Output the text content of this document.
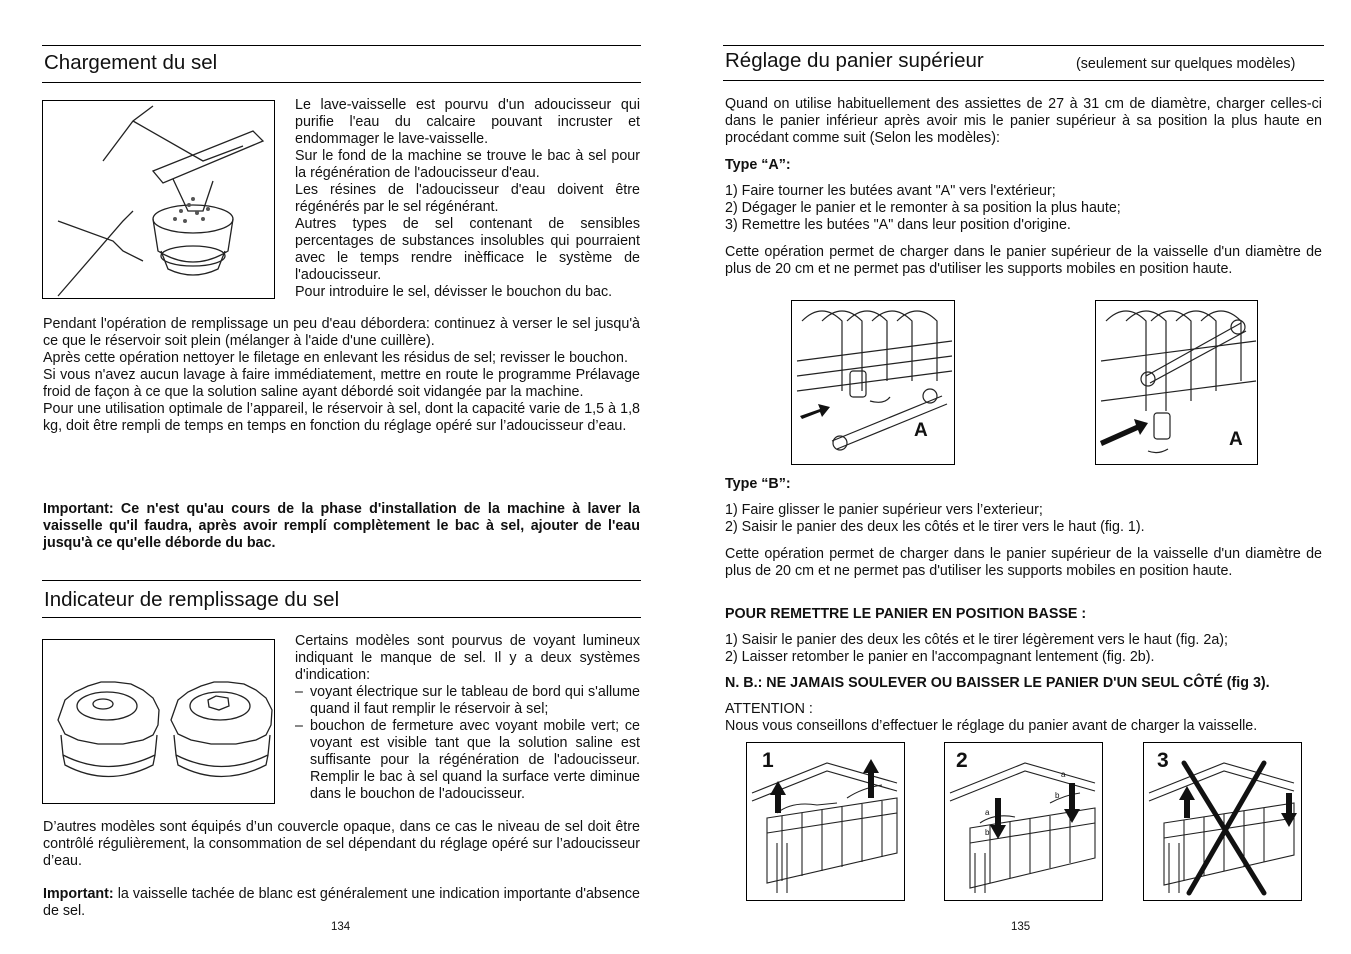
Chargement du sel

Le lave-vaisselle est pourvu d'un adoucisseur qui purifie l'eau du calcaire pouvant incruster et endommager le lave-vaisselle.

Sur le fond de la machine se trouve le bac à sel pour la régénération de l'adoucisseur d'eau.

Les résines de l'adoucisseur d'eau doivent être régénérés par le sel régénérant.

Autres types de sel contenant de sensibles percentages de substances insolubles qui pourraient avec le temps rendre inèfficace le système de l'adoucisseur.

Pour introduire le sel, dévisser le bouchon du bac.

Pendant l'opération de remplissage un peu d'eau débordera: continuez à verser le sel jusqu'à ce que le réservoir soit plein (mélanger à l'aide d'une cuillère).

Après cette opération nettoyer le filetage en enlevant les résidus de sel; revisser le bouchon.

Si vous n'avez aucun lavage à faire immédiatement, mettre en route le programme Prélavage froid de façon à ce que la solution saline ayant débordé soit vidangée par la machine.

Pour une utilisation optimale de l’appareil, le réservoir à sel, dont la capacité varie de 1,5 à 1,8 kg, doit être rempli de temps en temps en fonction du réglage opéré sur l’adoucisseur d’eau.

Important: Ce n'est qu'au cours de la phase d'installation de la machine à laver la vaisselle qu'il faudra, après avoir remplí complètement le bac à sel, ajouter de l'eau jusqu'à ce qu'elle déborde du bac.
Indicateur de remplissage du sel

Certains modèles sont pourvus de voyant lumineux indiquant le manque de sel. Il y a deux systèmes d'indication:

– voyant électrique sur le tableau de bord qui s'allume quand il faut remplir le réservoir à sel;
– bouchon de fermeture avec voyant mobile vert; ce voyant est visible tant que la solution saline est suffisante pour la régénération de l'adoucisseur. Remplir le bac à sel quand la surface verte diminue dans le bouchon de l'adoucisseur.
D’autres modèles sont équipés d’un couvercle opaque, dans ce cas le niveau de sel doit être contrôlé régulièrement, la consommation de sel dépendant du réglage opéré sur l’adoucisseur d’eau.
Important: la vaisselle tachée de blanc est généralement une indication importante d'absence de sel.
134
Réglage du panier supérieur	(seulement sur quelques modèles)
Quand on utilise habituellement des assiettes de 27 à 31 cm de diamètre, charger celles-ci dans le panier inférieur après avoir mis le panier supérieur à sa position la plus haute en procédant comme suit (Selon les modèles):
Type “A”:
1) Faire tourner les butées avant "A" vers l'extérieur;
2) Dégager le panier et le remonter à sa position la plus haute;
3) Remettre les butées "A" dans leur position d'origine.
Cette opération permet de charger dans le panier supérieur de la vaisselle d'un diamètre de plus de 20 cm et ne permet pas d'utiliser les supports mobiles en position haute.
A	A
Type “B”:
1) Faire glisser le panier supérieur vers l’exterieur;
2) Saisir le panier des deux les côtés et le tirer vers le haut (fig. 1).
Cette opération permet de charger dans le panier supérieur de la vaisselle d'un diamètre de plus de 20 cm et ne permet pas d'utiliser les supports mobiles en position haute.
POUR REMETTRE LE PANIER EN POSITION BASSE :
1) Saisir le panier des deux les côtés et le tirer légèrement vers le haut (fig. 2a);
2) Laisser retomber le panier en l'accompagnant lentement (fig. 2b).
N. B.: NE JAMAIS SOULEVER OU BAISSER LE PANIER D'UN SEUL CÔTÉ (fig 3).
ATTENTION :
Nous vous conseillons d’effectuer le réglage du panier avant de charger la vaisselle.
1
a
b
a
b
2	3
135
